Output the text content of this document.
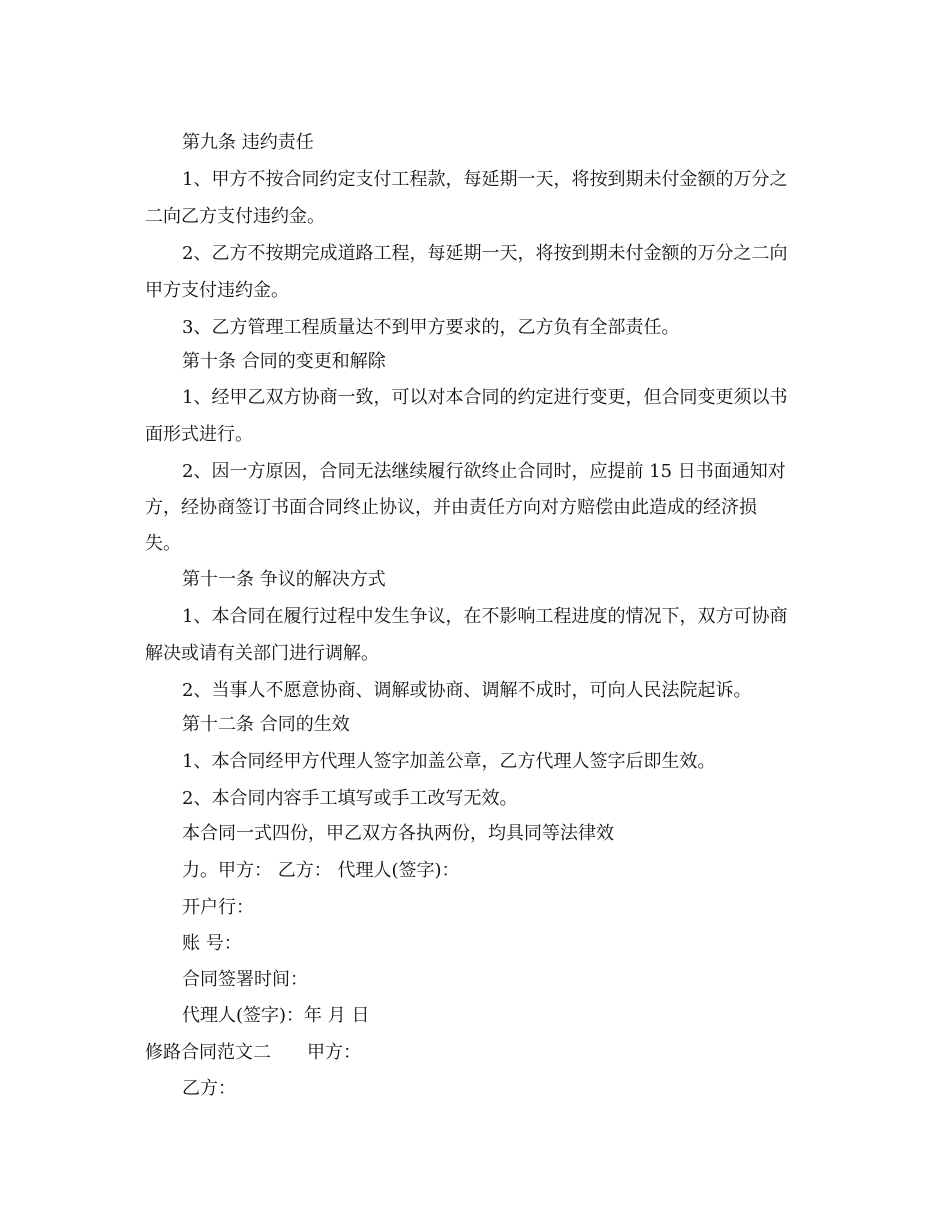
第九条 违约责任
1、甲方不按合同约定支付工程款，每延期一天，将按到期未付金额的万分之
二向乙方支付违约金。
2、乙方不按期完成道路工程，每延期一天，将按到期未付金额的万分之二向
甲方支付违约金。
3、乙方管理工程质量达不到甲方要求的，乙方负有全部责任。
第十条 合同的变更和解除
1、经甲乙双方协商一致，可以对本合同的约定进行变更，但合同变更须以书
面形式进行。
2、因一方原因，合同无法继续履行欲终止合同时，应提前 15 日书面通知对
方，经协商签订书面合同终止协议，并由责任方向对方赔偿由此造成的经济损
失。
第十一条 争议的解决方式
1、本合同在履行过程中发生争议，在不影响工程进度的情况下，双方可协商
解决或请有关部门进行调解。
2、当事人不愿意协商、调解或协商、调解不成时，可向人民法院起诉。
第十二条 合同的生效
1、本合同经甲方代理人签字加盖公章，乙方代理人签字后即生效。
2、本合同内容手工填写或手工改写无效。
本合同一式四份，甲乙双方各执两份，均具同等法律效
力。甲方： 乙方： 代理人(签字)：
开户行：
账 号：
合同签署时间：
代理人(签字)：年 月 日
修路合同范文二　　甲方：
乙方：
